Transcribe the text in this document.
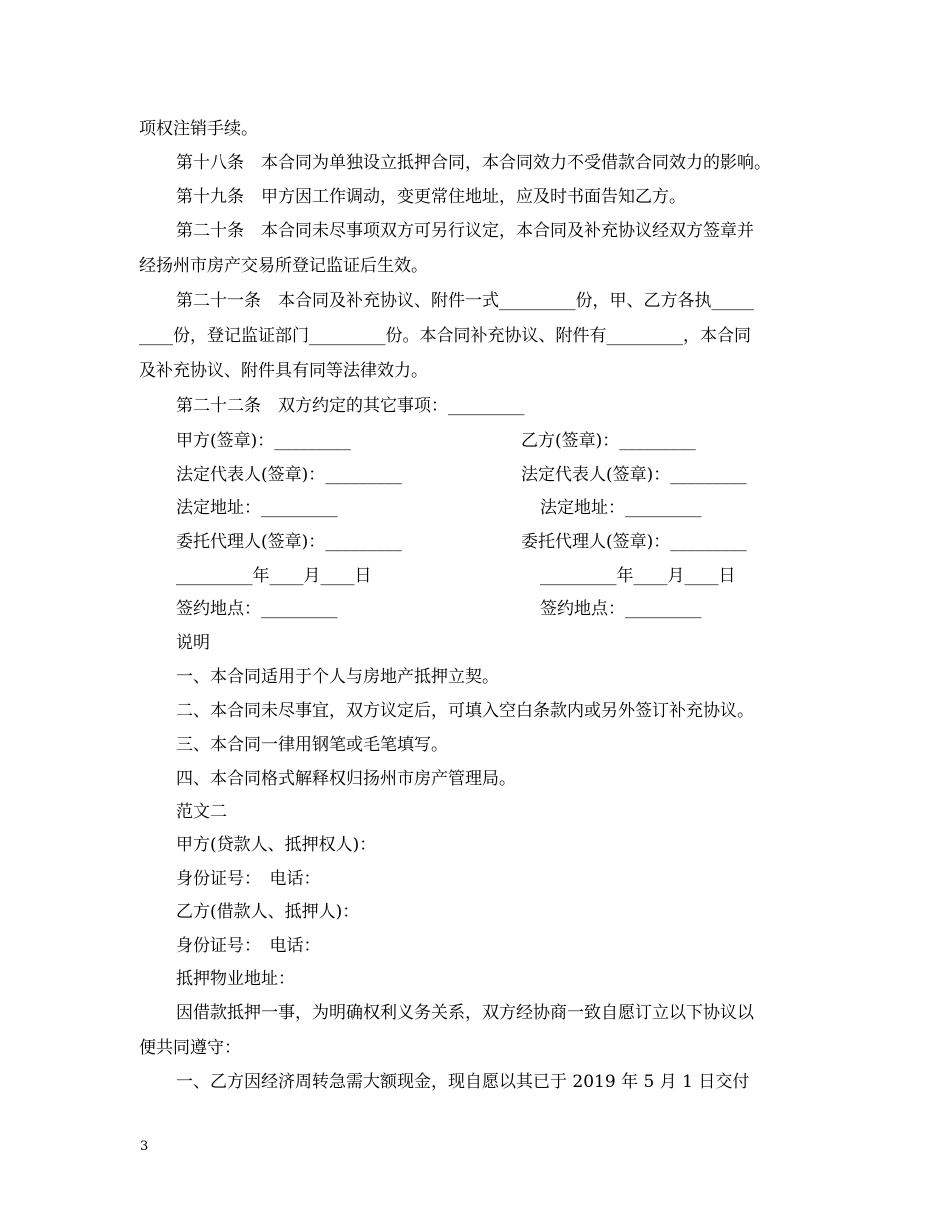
项权注销手续。
第十八条　本合同为单独设立抵押合同，本合同效力不受借款合同效力的影响。
第十九条　甲方因工作调动，变更常住地址，应及时书面告知乙方。
第二十条　本合同未尽事项双方可另行议定，本合同及补充协议经双方签章并
经扬州市房产交易所登记监证后生效。
第二十一条　本合同及补充协议、附件一式_________份，甲、乙方各执_____
____份，登记监证部门_________份。本合同补充协议、附件有_________，本合同
及补充协议、附件具有同等法律效力。
第二十二条　双方约定的其它事项：_________
甲方(签章)：_________	乙方(签章)：_________
法定代表人(签章)：_________	法定代表人(签章)：_________
法定地址：_________	法定地址：_________
委托代理人(签章)：_________	委托代理人(签章)：_________
_________年____月____日	_________年____月____日
签约地点：_________	签约地点：_________
说明
一、本合同适用于个人与房地产抵押立契。
二、本合同未尽事宜，双方议定后，可填入空白条款内或另外签订补充协议。
三、本合同一律用钢笔或毛笔填写。
四、本合同格式解释权归扬州市房产管理局。
范文二
甲方(贷款人、抵押权人)：
身份证号：　电话：
乙方(借款人、抵押人)：
身份证号：　电话：
抵押物业地址：
因借款抵押一事，为明确权利义务关系，双方经协商一致自愿订立以下协议以
便共同遵守：
一、乙方因经济周转急需大额现金，现自愿以其已于 2019 年 5 月 1 日交付
3
